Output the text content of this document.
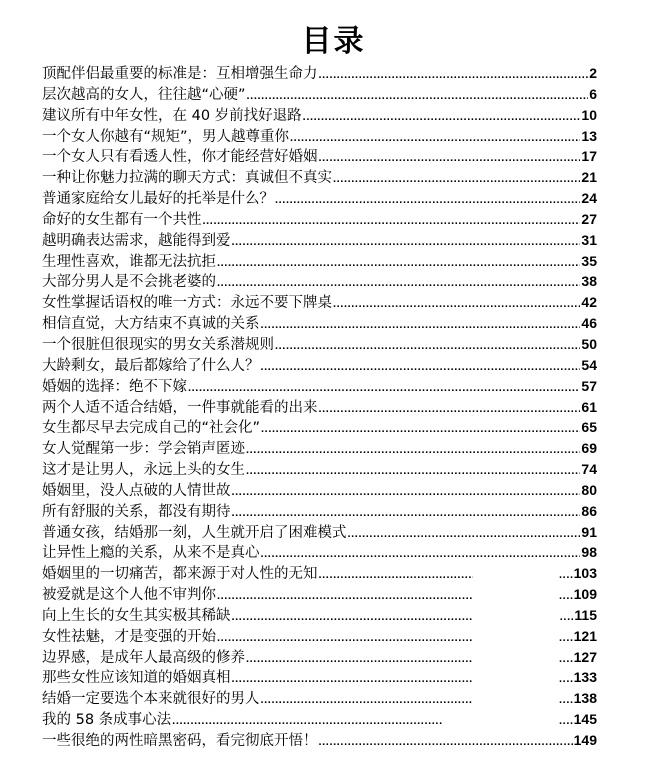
目录
顶配伴侣最重要的标准是：互相增强生命力 .....	2
层次越高的女人，往往越“心硬” .....	6
建议所有中年女性，在 40 岁前找好退路 .....	10
一个女人你越有“规矩”，男人越尊重你 .....	13
一个女人只有看透人性，你才能经营好婚姻 .....	17
一种让你魅力拉满的聊天方式：真诚但不真实 .....	21
普通家庭给女儿最好的托举是什么？ .....	24
命好的女生都有一个共性 .....	27
越明确表达需求，越能得到爱 .....	31
生理性喜欢，谁都无法抗拒 .....	35
大部分男人是不会挑老婆的 .....	38
女性掌握话语权的唯一方式：永远不要下牌桌 .....	42
相信直觉，大方结束不真诚的关系 .....	46
一个很脏但很现实的男女关系潜规则 .....	50
大龄剩女，最后都嫁给了什么人？ .....	54
婚姻的选择：绝不下嫁 .....	57
两个人适不适合结婚，一件事就能看的出来 .....	61
女生都尽早去完成自己的“社会化” .....	65
女人觉醒第一步：学会销声匿迹 .....	69
这才是让男人，永远上头的女生 .....	74
婚姻里，没人点破的人情世故 .....	80
所有舒服的关系，都没有期待 .....	86
普通女孩，结婚那一刻，人生就开启了困难模式 .....	91
让异性上瘾的关系，从来不是真心 .....	98
婚姻里的一切痛苦，都来源于对人性的无知 .....	.... 103
被爱就是这个人他不审判你 .....	.... 109
向上生长的女生其实极其稀缺 .....	.... 115
女性祛魅，才是变强的开始 .....	.... 121
边界感，是成年人最高级的修养 .....	.... 127
那些女性应该知道的婚姻真相 .....	.... 133
结婚一定要选个本来就很好的男人 .....	.... 138
我的 58 条成事心法 .....	.... 145
一些很绝的两性暗黑密码，看完彻底开悟！ .....	149
